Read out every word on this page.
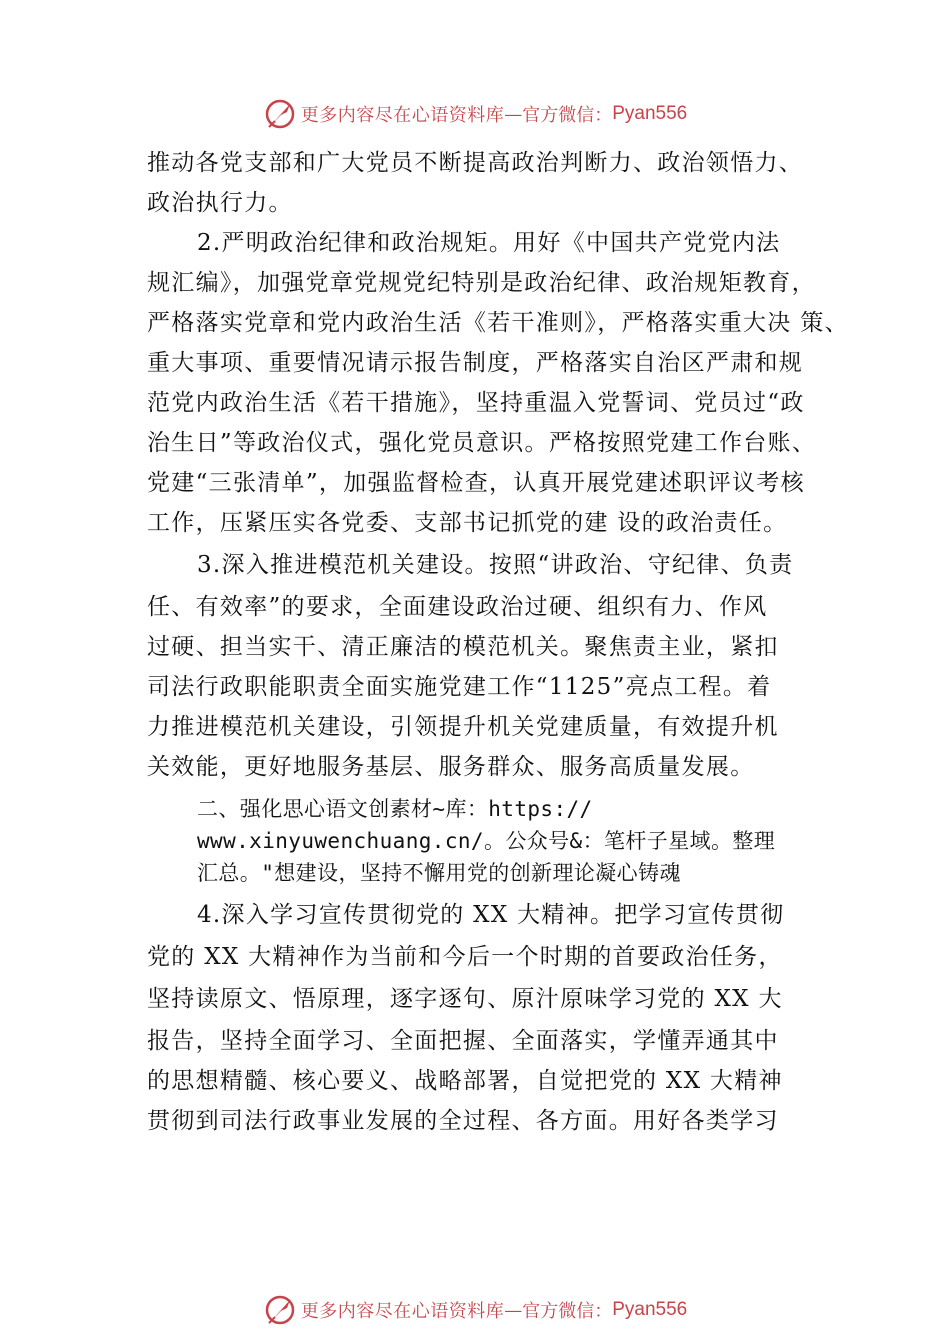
更多内容尽在心语资料库 — 官方微信： Pyan556
推动各党支部和广大党员不断提高政治判断力、政治领悟力、
政治执行力。
2.严明政治纪律和政治规矩。用好《中国共产党党内法
规汇编》，加强党章党规党纪特别是政治纪律、政治规矩教育，
严格落实党章和党内政治生活《若干准则》，严格落实重大决 策、
重大事项、重要情况请示报告制度，严格落实自治区严肃和规
范党内政治生活《若干措施》，坚持重温入党誓词、党员过“政
治生日”等政治仪式，强化党员意识。严格按照党建工作台账、
党建“三张清单”，加强监督检查，认真开展党建述职评议考核
工作，压紧压实各党委、支部书记抓党的建 设的政治责任。
3.深入推进模范机关建设。按照“讲政治、守纪律、负责
任、有效率”的要求，全面建设政治过硬、组织有力、作风
过硬、担当实干、清正廉洁的模范机关。聚焦责主业，紧扣
司法行政职能职责全面实施党建工作“1125”亮点工程。着
力推进模范机关建设，引领提升机关党建质量，有效提升机
关效能，更好地服务基层、服务群众、服务高质量发展。
二、强化思心语文创素材~库：https://
www.xinyuwenchuang.cn/。公众号&：笔杆子星域。整理
汇总。"想建设，坚持不懈用党的创新理论凝心铸魂
4.深入学习宣传贯彻党的 XX 大精神。把学习宣传贯彻
党的 XX 大精神作为当前和今后一个时期的首要政治任务，
坚持读原文、悟原理，逐字逐句、原汁原味学习党的 XX 大
报告，坚持全面学习、全面把握、全面落实，学懂弄通其中
的思想精髓、核心要义、战略部署，自觉把党的 XX 大精神
贯彻到司法行政事业发展的全过程、各方面。用好各类学习
更多内容尽在心语资料库 — 官方微信： Pyan556
